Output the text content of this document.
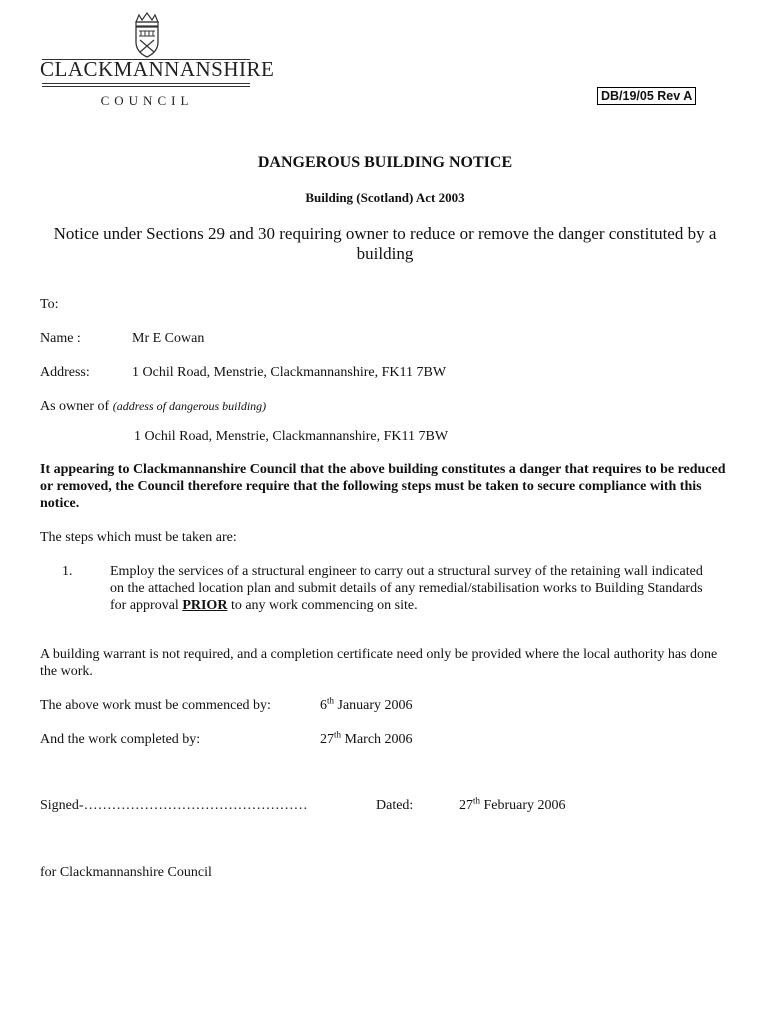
CLACKMANNANSHIRE
COUNCIL	DB/19/05 Rev A
DANGEROUS BUILDING NOTICE
Building (Scotland) Act 2003
Notice under Sections 29 and 30 requiring owner to reduce or remove the danger constituted by a building
To:
Name :	Mr E Cowan
Address:	1 Ochil Road, Menstrie, Clackmannanshire, FK11 7BW
As owner of (address of dangerous building)
1 Ochil Road, Menstrie, Clackmannanshire, FK11 7BW
It appearing to Clackmannanshire Council that the above building constitutes a danger that requires to be reduced or removed, the Council therefore require that the following steps must be taken to secure compliance with this notice.
The steps which must be taken are:
1.	Employ the services of a structural engineer to carry out a structural survey of the retaining wall indicated on the attached location plan and submit details of any remedial/stabilisation works to Building Standards for approval PRIOR to any work commencing on site.
A building warrant is not required, and a completion certificate need only be provided where the local authority has done the work.
The above work must be commenced by:	6th January 2006
And the work completed by:	27th March 2006
Signed-…………………………………………	Dated:	27th February 2006
for Clackmannanshire Council
